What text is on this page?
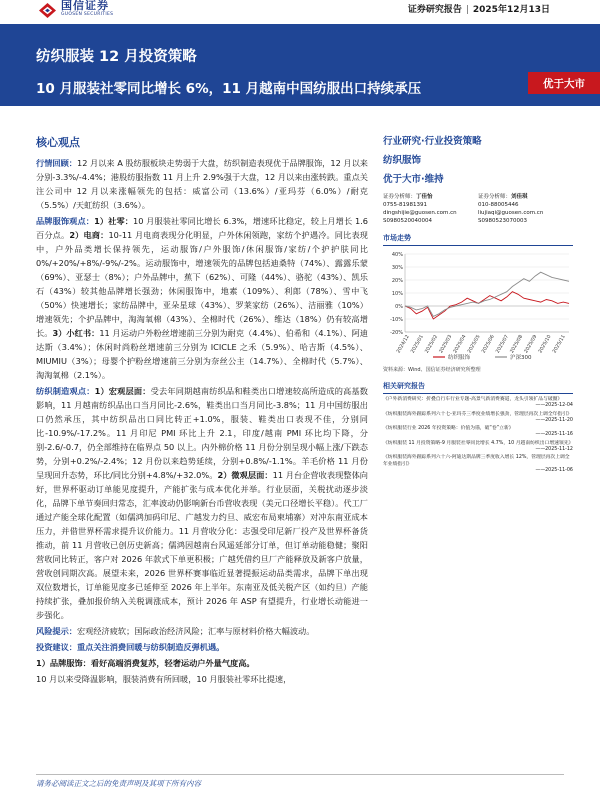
国信证券
GUOSEN SECURITIES	证券研究报告 | 2025年12月13日
纺织服装 12 月投资策略
10 月服装社零同比增长 6%，11 月越南中国纺服出口持续承压	优于大市
核心观点

行情回顾：12 月以来 A 股纺服板块走势弱于大盘，纺织制造表现优于品牌服饰，12 月以来分别-3.3%/-4.4%；港股纺服指数 11 月上升 2.9%强于大盘，12 月以来由涨转跌。重点关注公司中 12 月以来涨幅领先的包括：威富公司（13.6%）/亚玛芬（6.0%）/耐克（5.5%）/天虹纺织（3.6%）。

品牌服饰观点：1）社零：10 月服装社零同比增长 6.3%，增速环比稳定，较上月增长 1.6 百分点。2）电商：10-11 月电商表现分化明显，户外休闲领跑，家纺个护遇冷。同比表现中，户外品类增长保持领先，运动服饰/户外服饰/休闲服饰/家纺/个护护肤同比 0%/+20%/+8%/-9%/-2%。运动服饰中，增速领先的品牌包括迪桑特（74%）、露露乐蒙（69%）、亚瑟士（8%）；户外品牌中，蕉下（62%）、可隆（44%）、骆驼（43%）、凯乐石（43%）较其他品牌增长强劲；休闲服饰中，地素（109%）、利郎（78%）、雪中飞（50%）快速增长；家纺品牌中，亚朵星球（43%）、罗莱家纺（26%）、洁丽雅（10%）增速领先；个护品牌中，淘淘氧棉（43%）、全棉时代（26%）、维达（18%）仍有较高增长。3）小红书：11 月运动户外粉丝增速前三分别为耐克（4.4%）、伯希和（4.1%）、阿迪达斯（3.4%）；休闲时尚粉丝增速前三分别为 ICICLE 之禾（5.9%）、哈吉斯（4.5%）、MIUMIU（3%）；母婴个护粉丝增速前三分别为奈丝公主（14.7%）、全棉时代（5.7%）、淘淘氧棉（2.1%）。

纺织制造观点：1）宏观层面：受去年同期越南纺织品和鞋类出口增速较高所造成的高基数影响，11 月越南纺织品出口当月同比-2.6%，鞋类出口当月同比-3.8%；11 月中国纺服出口仍然承压，其中纺织品出口同比转正+1.0%，服装、鞋类出口表现不佳，分别同比-10.9%/-17.2%。11 月印尼 PMI 环比上升 2.1，印度/越南 PMI 环比均下降，分别-2.6/-0.7，仍全部维持在临界点 50 以上。内外棉价格 11 月份分别呈现小幅上涨/下跌态势，分别+0.2%/-2.4%；12 月份以来趋势延续，分别+0.8%/-1.1%。羊毛价格 11 月份呈现回升态势，环比/同比分别+4.8%/+32.0%。2）微观层面：11 月台企营收表现整体向好，世界杯驱动订单能见度提升，产能扩张与成本优化并举。行业层面，关税扰动逐步淡化，品牌下单节奏回归常态，汇率波动仍影响新台币营收表现（美元口径增长平稳）。代工厂通过产能全球化配置（如儒鸿加码印尼、广越发力约旦、威宏布局柬埔寨）对冲东南亚成本压力，并借世界杯需求提升议价能力。11 月营收分化：志强受印尼新厂投产及世界杯备货推动，前 11 月营收已创历史新高；儒鸿因越南台风遥延部分订单，但订单动能稳健；聚阳营收同比转正，客户对 2026 年款式下单更积极；广越凭借约旦厂产能释放及新客户放量，营收创同期次高。展望未来，2026 世界杯赛事临近显著提振运动品类需求，品牌下单出现双位数增长，订单能见度多已延伸至 2026 年上半年。东南亚及低关税产区（如约旦）产能持续扩张，叠加报价纳入关税调涨成本，预计 2026 年 ASP 有望提升，行业增长动能进一步强化。

风险提示：宏观经济疲软；国际政治经济风险；汇率与原材料价格大幅波动。

投资建议：重点关注消费回暖与纺织制造反弹机遇。

1）品牌服饰：看好高端消费复苏，轻奢运动户外量气度高。

10 月以来受降温影响，服装消费有所回暖，10 月服装社零环比提速，

行业研究·行业投资策略
纺织服饰
优于大市·维持
证券分析师：丁佳怡
0755-81981391
dingshijie@guosen.com.cn
S0980520040004
证券分析师：刘佳琪
010-88005446
liujiaqi@guosen.com.cn
S0980523070003
市场走势
40%
30%
20%
10%
0%
-10%
-20%
2024/12 2025/01 2025/02 2025/03 2025/04 2025/05 2025/06 2025/07 2025/08 2025/09 2025/10 2025/11
纺织服饰	沪深300
资料来源：Wind、国信证券经济研究所整理
相关研究报告
《户外新消费研究：折叠自行车行业专题-高景气新消费赛道，龙头引领扩品与破圈》
——2025-12-04
《纺织服装海外跟踪系列六十七-亚玛芬三季度业绩增长强劲，管理层再次上调全年指引》
——2025-11-20
《纺织服装行业 2026 年投资策略：价值为锚，破“卷”立新》
——2025-11-16
《纺织服装 11 月投资策略-9 月服装社零同比增长 4.7%，10 月越南纺织出口增速领先》
——2025-11-12
《纺织服装海外跟踪系列六十六-阿迪达斯品牌三季度收入增长 12%，管理层再次上调全年业绩指引》
——2025-11-06
请务必阅读正文之后的免责声明及其项下所有内容
